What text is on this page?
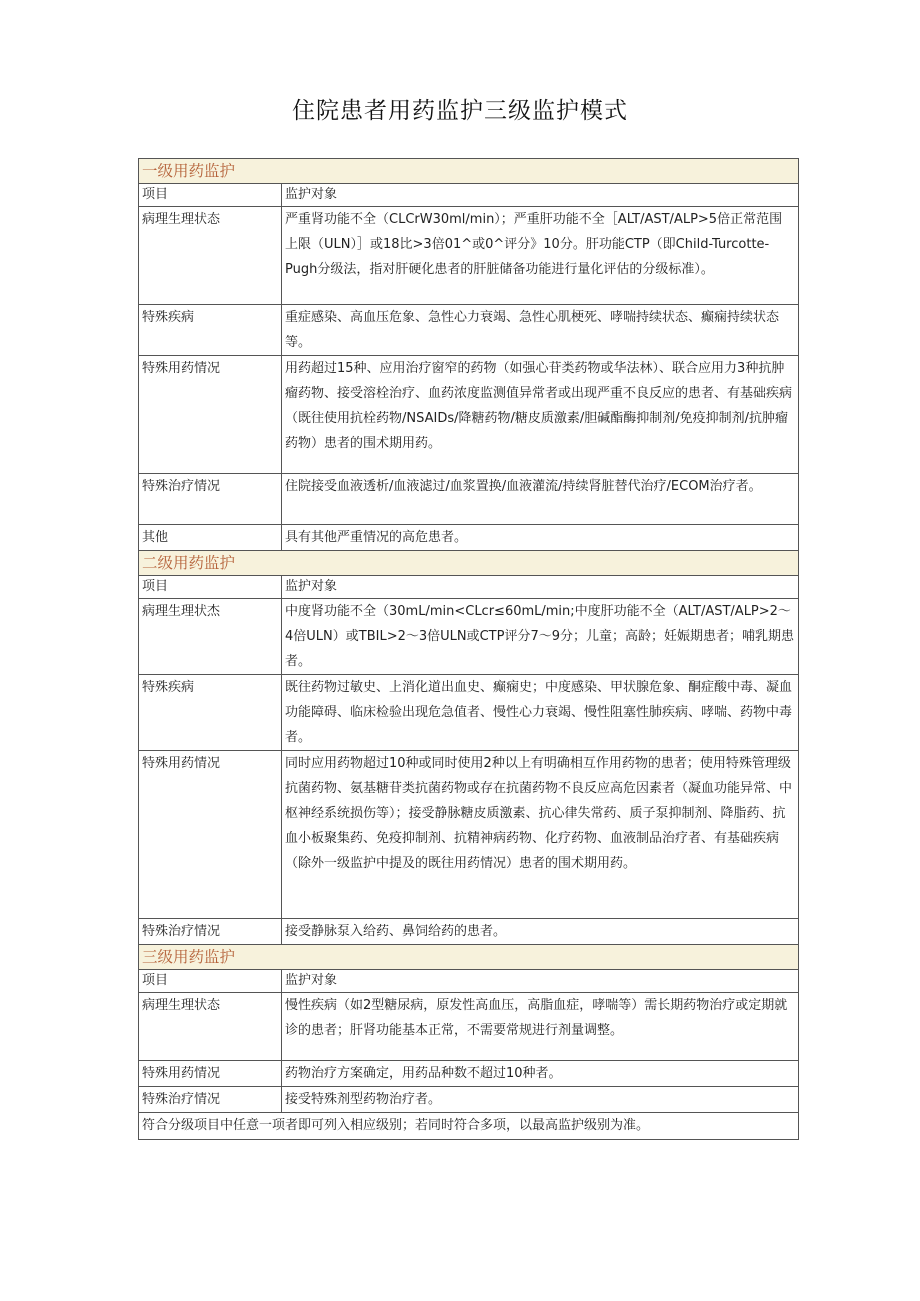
住院患者用药监护三级监护模式
一级用药监护	
项目	监护对象
病理生理状态	严重肾功能不全（CLCrW30ml∕min）；严重肝功能不全［ALT/AST/ALP>5倍正常范围上限（ULN）］或18比>3倍01^或0^评分》10分。肝功能CTP（即Child-Turcotte-Pugh分级法，指对肝硬化患者的肝脏储备功能进行量化评估的分级标准）。
特殊疾病	重症感染、高血压危象、急性心力衰竭、急性心肌梗死、哮喘持续状态、癫痫持续状态等。
特殊用药情况	用药超过15种、应用治疗窗窄的药物（如强心苷类药物或华法林）、联合应用力3种抗肿瘤药物、接受溶栓治疗、血药浓度监测值异常者或出现严重不良反应的患者、有基础疾病（既往使用抗栓药物/NSAIDs/降糖药物/糖皮质激素/胆碱酯酶抑制剂/免疫抑制剂/抗肿瘤药物）患者的围术期用药。
特殊治疗情况	住院接受血液透析/血液滤过/血浆置换/血液灌流/持续肾脏替代治疗/ECOM治疗者。
其他	具有其他严重情况的高危患者。
二级用药监护	
项目	监护对象
病理生理状杰	中度肾功能不全（30mL/min<CLcr≤60mL/min;中度肝功能不全（ALT/AST/ALP>2〜4倍ULN）或TBIL>2〜3倍ULN或CTP评分7〜9分；儿童；高龄；妊娠期患者；哺乳期患者。
特殊疾病	既往药物过敏史、上消化道出血史、癫痫史；中度感染、甲状腺危象、酮症酸中毒、凝血功能障碍、临床检验出现危急值者、慢性心力衰竭、慢性阻塞性肺疾病、哮喘、药物中毒者。
特殊用药情况	同时应用药物超过10种或同时使用2种以上有明确相互作用药物的患者；使用特殊管理级抗菌药物、氨基糖苷类抗菌药物或存在抗菌药物不良反应高危因素者（凝血功能异常、中枢神经系统损伤等）；接受静脉糖皮质激素、抗心律失常药、质子泵抑制剂、降脂药、抗血小板聚集药、免疫抑制剂、抗精神病药物、化疗药物、血液制品治疗者、有基础疾病（除外一级监护中提及的既往用药情况）患者的围术期用药。
特殊治疗情况	接受静脉泵入给药、鼻饲给药的患者。
三级用药监护	
项目	监护对象
病理生理状态	慢性疾病（如2型糖尿病，原发性高血压，高脂血症，哮喘等）需长期药物治疗或定期就诊的患者；肝肾功能基本正常，不需要常规进行剂量调整。
特殊用药情况	药物治疗方案确定，用药品种数不超过10种者。
特殊治疗情况	接受特殊剂型药物治疗者。
符合分级项目中任意一项者即可列入相应级别；若同时符合多项，以最高监护级别为准。	
